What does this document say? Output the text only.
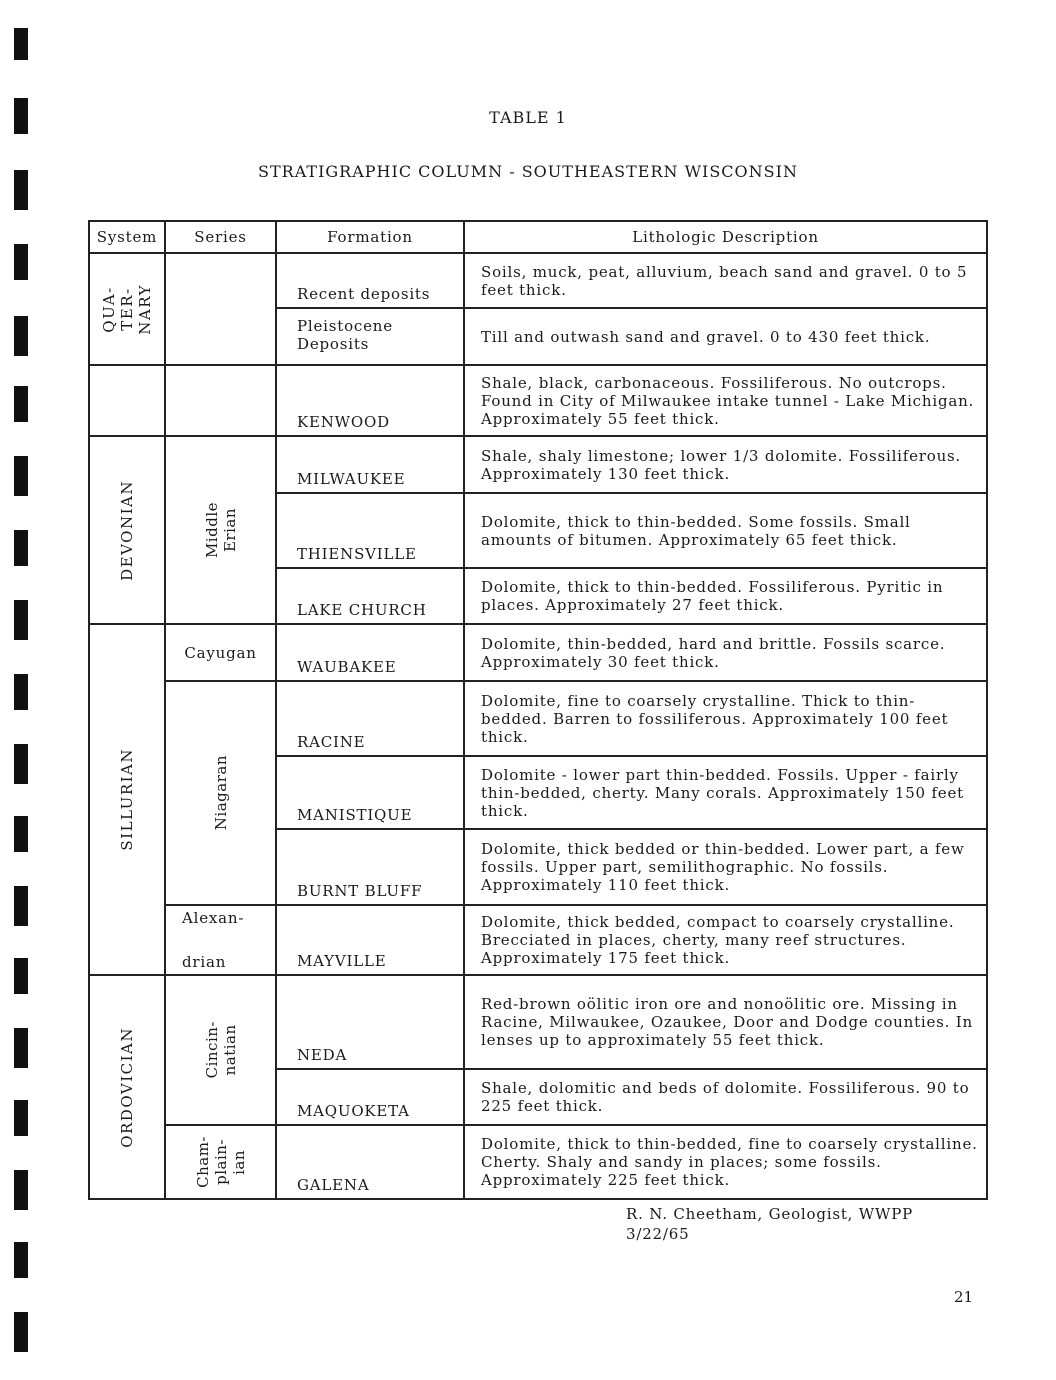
TABLE 1
STRATIGRAPHIC COLUMN - SOUTHEASTERN WISCONSIN
System	Series	Formation	Lithologic Description

QUA-
TER-
NARY		Recent deposits	Soils, muck, peat, alluvium, beach sand and gravel. 0 to 5 feet thick.
		Pleistocene Deposits	Till and outwash sand and gravel. 0 to 430 feet thick.
		KENWOOD	Shale, black, carbonaceous. Fossiliferous. No outcrops. Found in City of Milwaukee intake tunnel - Lake Michigan. Approximately 55 feet thick.

DEVONIAN	Middle
Erian	MILWAUKEE	Shale, shaly limestone; lower 1/3 dolomite. Fossiliferous. Approximately 130 feet thick.
		THIENSVILLE	Dolomite, thick to thin-bedded. Some fossils. Small amounts of bitumen. Approximately 65 feet thick.
		LAKE CHURCH	Dolomite, thick to thin-bedded. Fossiliferous. Pyritic in places. Approximately 27 feet thick.

SILLURIAN	Cayugan	WAUBAKEE	Dolomite, thin-bedded, hard and brittle. Fossils scarce. Approximately 30 feet thick.

	Niagaran	RACINE	Dolomite, fine to coarsely crystalline. Thick to thin-bedded. Barren to fossiliferous. Approximately 100 feet thick.
		MANISTIQUE	Dolomite - lower part thin-bedded. Fossils. Upper - fairly thin-bedded, cherty. Many corals. Approximately 150 feet thick.
		BURNT BLUFF	Dolomite, thick bedded or thin-bedded. Lower part, a few fossils. Upper part, semilithographic. No fossils. Approximately 110 feet thick.

	Alexan-
drian	MAYVILLE	Dolomite, thick bedded, compact to coarsely crystalline. Brecciated in places, cherty, many reef structures. Approximately 175 feet thick.

ORDOVICIAN	Cincin-
natian	NEDA	Red-brown oölitic iron ore and nonoölitic ore. Missing in Racine, Milwaukee, Ozaukee, Door and Dodge counties. In lenses up to approximately 55 feet thick.
		MAQUOKETA	Shale, dolomitic and beds of dolomite. Fossiliferous. 90 to 225 feet thick.

	Cham-
plain-
ian	GALENA	Dolomite, thick to thin-bedded, fine to coarsely crystalline. Cherty. Shaly and sandy in places; some fossils. Approximately 225 feet thick.
R. N. Cheetham, Geologist, WWPP
3/22/65
21
